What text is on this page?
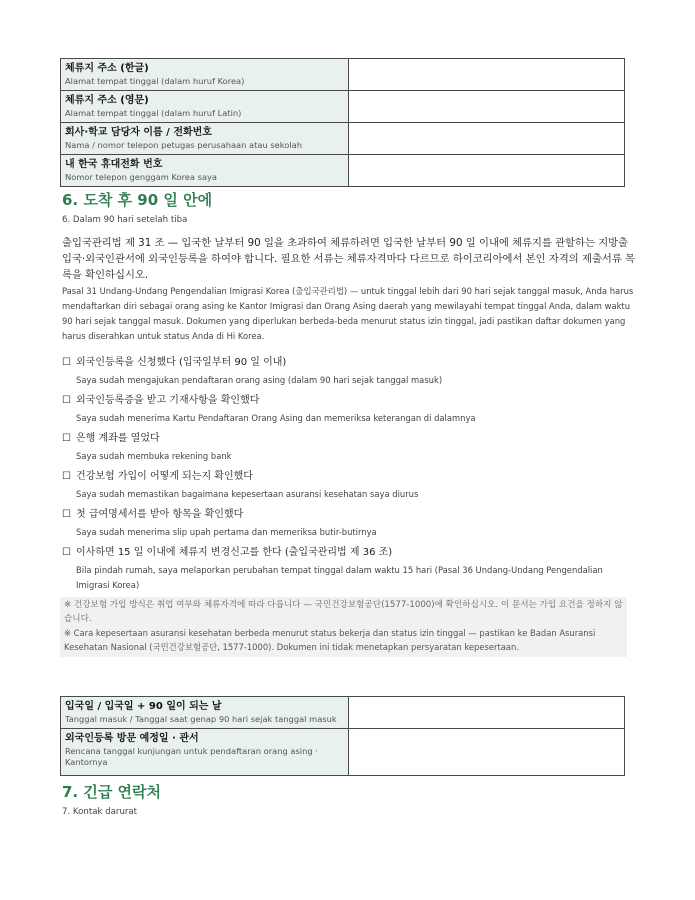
체류지 주소 (한글)
Alamat tempat tinggal (dalam huruf Korea)	

체류지 주소 (영문)
Alamat tempat tinggal (dalam huruf Latin)	

회사·학교 담당자 이름 / 전화번호
Nama / nomor telepon petugas perusahaan atau sekolah	

내 한국 휴대전화 번호
Nomor telepon genggam Korea saya	

6. 도착 후 90 일 안에
6. Dalam 90 hari setelah tiba
출입국관리법 제 31 조 — 입국한 날부터 90 일을 초과하여 체류하려면 입국한 날부터 90 일 이내에 체류지를 관할하는 지방출입국·외국인관서에 외국인등록을 하여야 합니다. 필요한 서류는 체류자격마다 다르므로 하이코리아에서 본인 자격의 제출서류 목록을 확인하십시오.
Pasal 31 Undang-Undang Pengendalian Imigrasi Korea (출입국관리법) — untuk tinggal lebih dari 90 hari sejak tanggal masuk, Anda harus mendaftarkan diri sebagai orang asing ke Kantor Imigrasi dan Orang Asing daerah yang mewilayahi tempat tinggal Anda, dalam waktu 90 hari sejak tanggal masuk. Dokumen yang diperlukan berbeda-beda menurut status izin tinggal, jadi pastikan daftar dokumen yang harus diserahkan untuk status Anda di Hi Korea.
☐ 외국인등록을 신청했다 (입국일부터 90 일 이내)
Saya sudah mengajukan pendaftaran orang asing (dalam 90 hari sejak tanggal masuk)
☐ 외국인등록증을 받고 기재사항을 확인했다
Saya sudah menerima Kartu Pendaftaran Orang Asing dan memeriksa keterangan di dalamnya
☐ 은행 계좌를 열었다
Saya sudah membuka rekening bank
☐ 건강보험 가입이 어떻게 되는지 확인했다
Saya sudah memastikan bagaimana kepesertaan asuransi kesehatan saya diurus
☐ 첫 급여명세서를 받아 항목을 확인했다
Saya sudah menerima slip upah pertama dan memeriksa butir-butirnya
☐ 이사하면 15 일 이내에 체류지 변경신고를 한다 (출입국관리법 제 36 조)
Bila pindah rumah, saya melaporkan perubahan tempat tinggal dalam waktu 15 hari (Pasal 36 Undang-Undang Pengendalian Imigrasi Korea)
※ 건강보험 가입 방식은 취업 여부와 체류자격에 따라 다릅니다 — 국민건강보험공단(1577-1000)에 확인하십시오. 이 문서는 가입 요건을 정하지 않습니다.
※ Cara kepesertaan asuransi kesehatan berbeda menurut status bekerja dan status izin tinggal — pastikan ke Badan Asuransi Kesehatan Nasional (국민건강보험공단, 1577-1000). Dokumen ini tidak menetapkan persyaratan kepesertaan.
입국일 / 입국일 + 90 일이 되는 날
Tanggal masuk / Tanggal saat genap 90 hari sejak tanggal masuk	

외국인등록 방문 예정일 · 관서
Rencana tanggal kunjungan untuk pendaftaran orang asing · Kantornya	

7. 긴급 연락처
7. Kontak darurat
